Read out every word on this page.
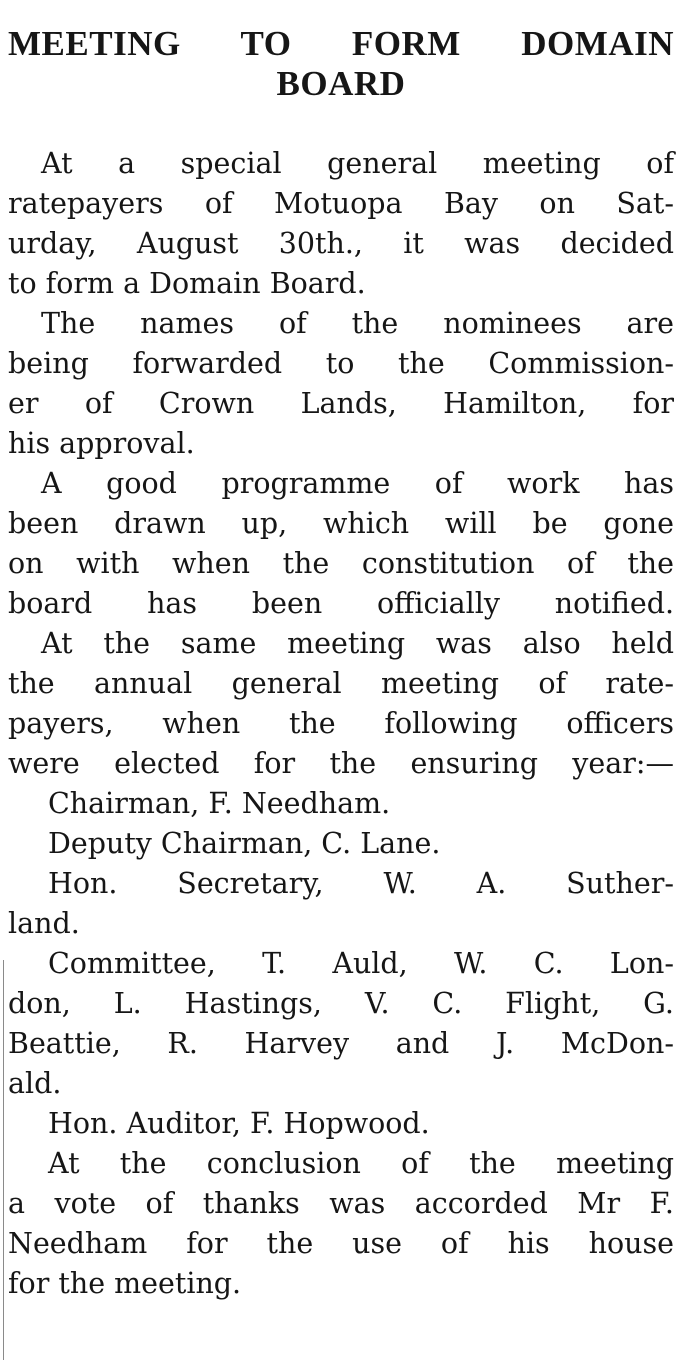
MEETING TO FORM DOMAIN
BOARD
At a special general meeting of
ratepayers of Motuopa Bay on Sat-
urday, August 30th., it was decided
to form a Domain Board.
The names of the nominees are
being forwarded to the Commission-
er of Crown Lands, Hamilton, for
his approval.
A good programme of work has
been drawn up, which will be gone
on with when the constitution of the
board has been officially notified.
At the same meeting was also held
the annual general meeting of rate-
payers, when the following officers
were elected for the ensuring year:—
Chairman, F. Needham.
Deputy Chairman, C. Lane.
Hon. Secretary, W. A. Suther-
land.
Committee, T. Auld, W. C. Lon-
don, L. Hastings, V. C. Flight, G.
Beattie, R. Harvey and J. McDon-
ald.
Hon. Auditor, F. Hopwood.
At the conclusion of the meeting
a vote of thanks was accorded Mr F.
Needham for the use of his house
for the meeting.
